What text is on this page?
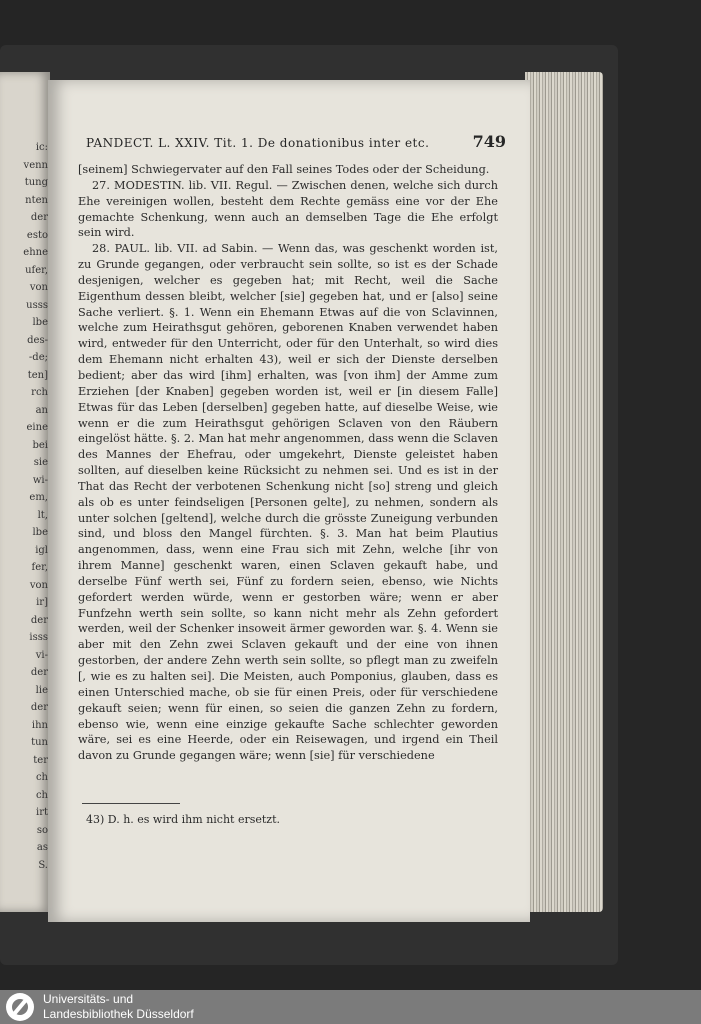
ic:
venn
tung
nten
der
esto
ehne
ufer,
von
usss
lbe
des-
-de;
ten]
rch
an
eine
bei
sie
wi-
em,
lt,
lbe
igl
fer,
von
ir]
der
isss
vi-
der
lie
der
ihn
tun
ter
ch
ch
irt
so
as
S.
PANDECT. L. XXIV. Tit. 1. De donationibus inter etc.	749

[seinem] Schwiegervater auf den Fall seines Todes oder der Scheidung.

27. MODESTIN. lib. VII. Regul. — Zwischen denen, welche sich durch Ehe vereinigen wollen, besteht dem Rechte gemäss eine vor der Ehe gemachte Schenkung, wenn auch an demselben Tage die Ehe erfolgt sein wird.

28. PAUL. lib. VII. ad Sabin. — Wenn das, was geschenkt worden ist, zu Grunde gegangen, oder verbraucht sein sollte, so ist es der Schade desjenigen, welcher es gegeben hat; mit Recht, weil die Sache Eigenthum dessen bleibt, welcher [sie] gegeben hat, und er [also] seine Sache verliert. §. 1. Wenn ein Ehemann Etwas auf die von Sclavinnen, welche zum Heirathsgut gehören, geborenen Knaben verwendet haben wird, entweder für den Unterricht, oder für den Unterhalt, so wird dies dem Ehemann nicht erhalten 43), weil er sich der Dienste derselben bedient; aber das wird [ihm] erhalten, was [von ihm] der Amme zum Erziehen [der Knaben] gegeben worden ist, weil er [in diesem Falle] Etwas für das Leben [derselben] gegeben hatte, auf dieselbe Weise, wie wenn er die zum Heirathsgut gehörigen Sclaven von den Räubern eingelöst hätte. §. 2. Man hat mehr angenommen, dass wenn die Sclaven des Mannes der Ehefrau, oder umgekehrt, Dienste geleistet haben sollten, auf dieselben keine Rücksicht zu nehmen sei. Und es ist in der That das Recht der verbotenen Schenkung nicht [so] streng und gleich als ob es unter feindseligen [Personen gelte], zu nehmen, sondern als unter solchen [geltend], welche durch die grösste Zuneigung verbunden sind, und bloss den Mangel fürchten. §. 3. Man hat beim Plautius angenommen, dass, wenn eine Frau sich mit Zehn, welche [ihr von ihrem Manne] geschenkt waren, einen Sclaven gekauft habe, und derselbe Fünf werth sei, Fünf zu fordern seien, ebenso, wie Nichts gefordert werden würde, wenn er gestorben wäre; wenn er aber Funfzehn werth sein sollte, so kann nicht mehr als Zehn gefordert werden, weil der Schenker insoweit ärmer geworden war. §. 4. Wenn sie aber mit den Zehn zwei Sclaven gekauft und der eine von ihnen gestorben, der andere Zehn werth sein sollte, so pflegt man zu zweifeln [, wie es zu halten sei]. Die Meisten, auch Pomponius, glauben, dass es einen Unterschied mache, ob sie für einen Preis, oder für verschiedene gekauft seien; wenn für einen, so seien die ganzen Zehn zu fordern, ebenso wie, wenn eine einzige gekaufte Sache schlechter geworden wäre, sei es eine Heerde, oder ein Reisewagen, und irgend ein Theil davon zu Grunde gegangen wäre; wenn [sie] für verschiedene

43) D. h. es wird ihm nicht ersetzt.
Universitäts- und
Landesbibliothek Düsseldorf
